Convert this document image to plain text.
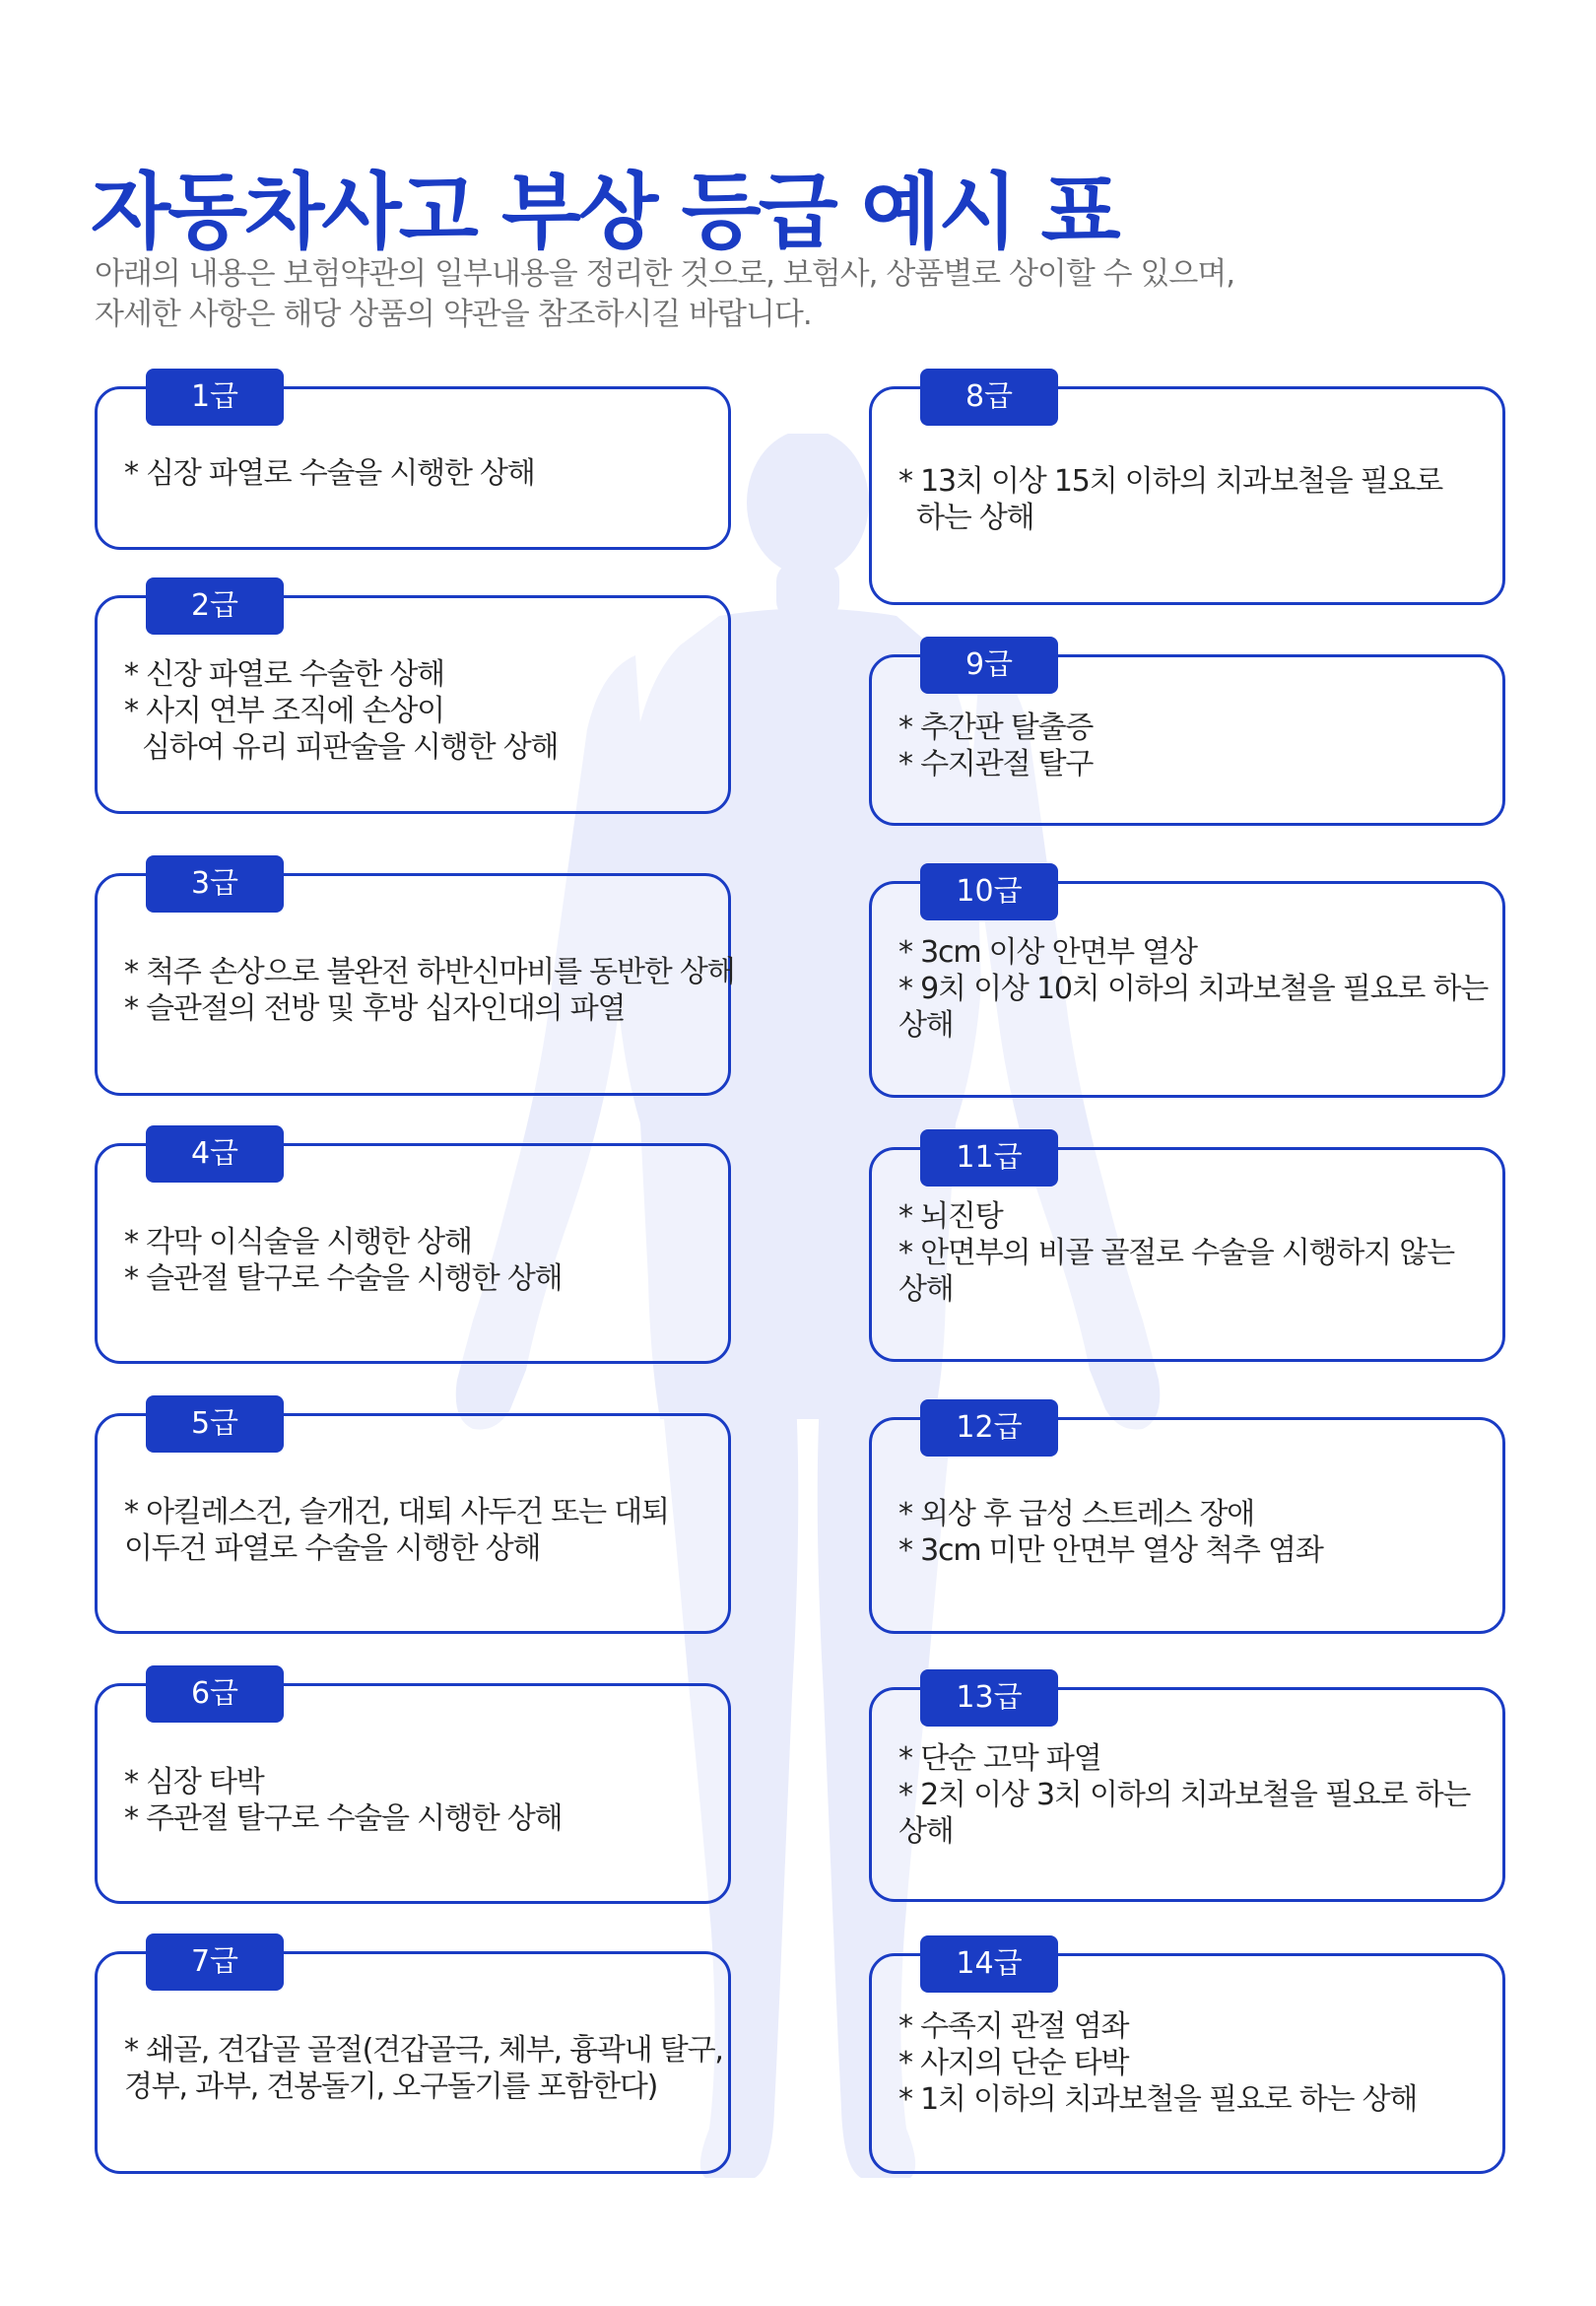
자동차사고 부상 등급 예시 표
아래의 내용은 보험약관의 일부내용을 정리한 것으로, 보험사, 상품별로 상이할 수 있으며,
자세한 사항은 해당 상품의 약관을 참조하시길 바랍니다.
1급
* 심장 파열로 수술을 시행한 상해
2급
* 신장 파열로 수술한 상해
* 사지 연부 조직에 손상이
심하여 유리 피판술을 시행한 상해
3급
* 척주 손상으로 불완전 하반신마비를 동반한 상해
* 슬관절의 전방 및 후방 십자인대의 파열
4급
* 각막 이식술을 시행한 상해
* 슬관절 탈구로 수술을 시행한 상해
5급
* 아킬레스건, 슬개건, 대퇴 사두건 또는 대퇴
이두건 파열로 수술을 시행한 상해
6급
* 심장 타박
* 주관절 탈구로 수술을 시행한 상해
7급
* 쇄골, 견갑골 골절(견갑골극, 체부, 흉곽내 탈구,
경부, 과부, 견봉돌기, 오구돌기를 포함한다)
8급
* 13치 이상 15치 이하의 치과보철을 필요로
하는 상해
9급
* 추간판 탈출증
* 수지관절 탈구
10급
* 3cm 이상 안면부 열상
* 9치 이상 10치 이하의 치과보철을 필요로 하는
상해
11급
* 뇌진탕
* 안면부의 비골 골절로 수술을 시행하지 않는
상해
12급
* 외상 후 급성 스트레스 장애
* 3cm 미만 안면부 열상 척추 염좌
13급
* 단순 고막 파열
* 2치 이상 3치 이하의 치과보철을 필요로 하는
상해
14급
* 수족지 관절 염좌
* 사지의 단순 타박
* 1치 이하의 치과보철을 필요로 하는 상해
